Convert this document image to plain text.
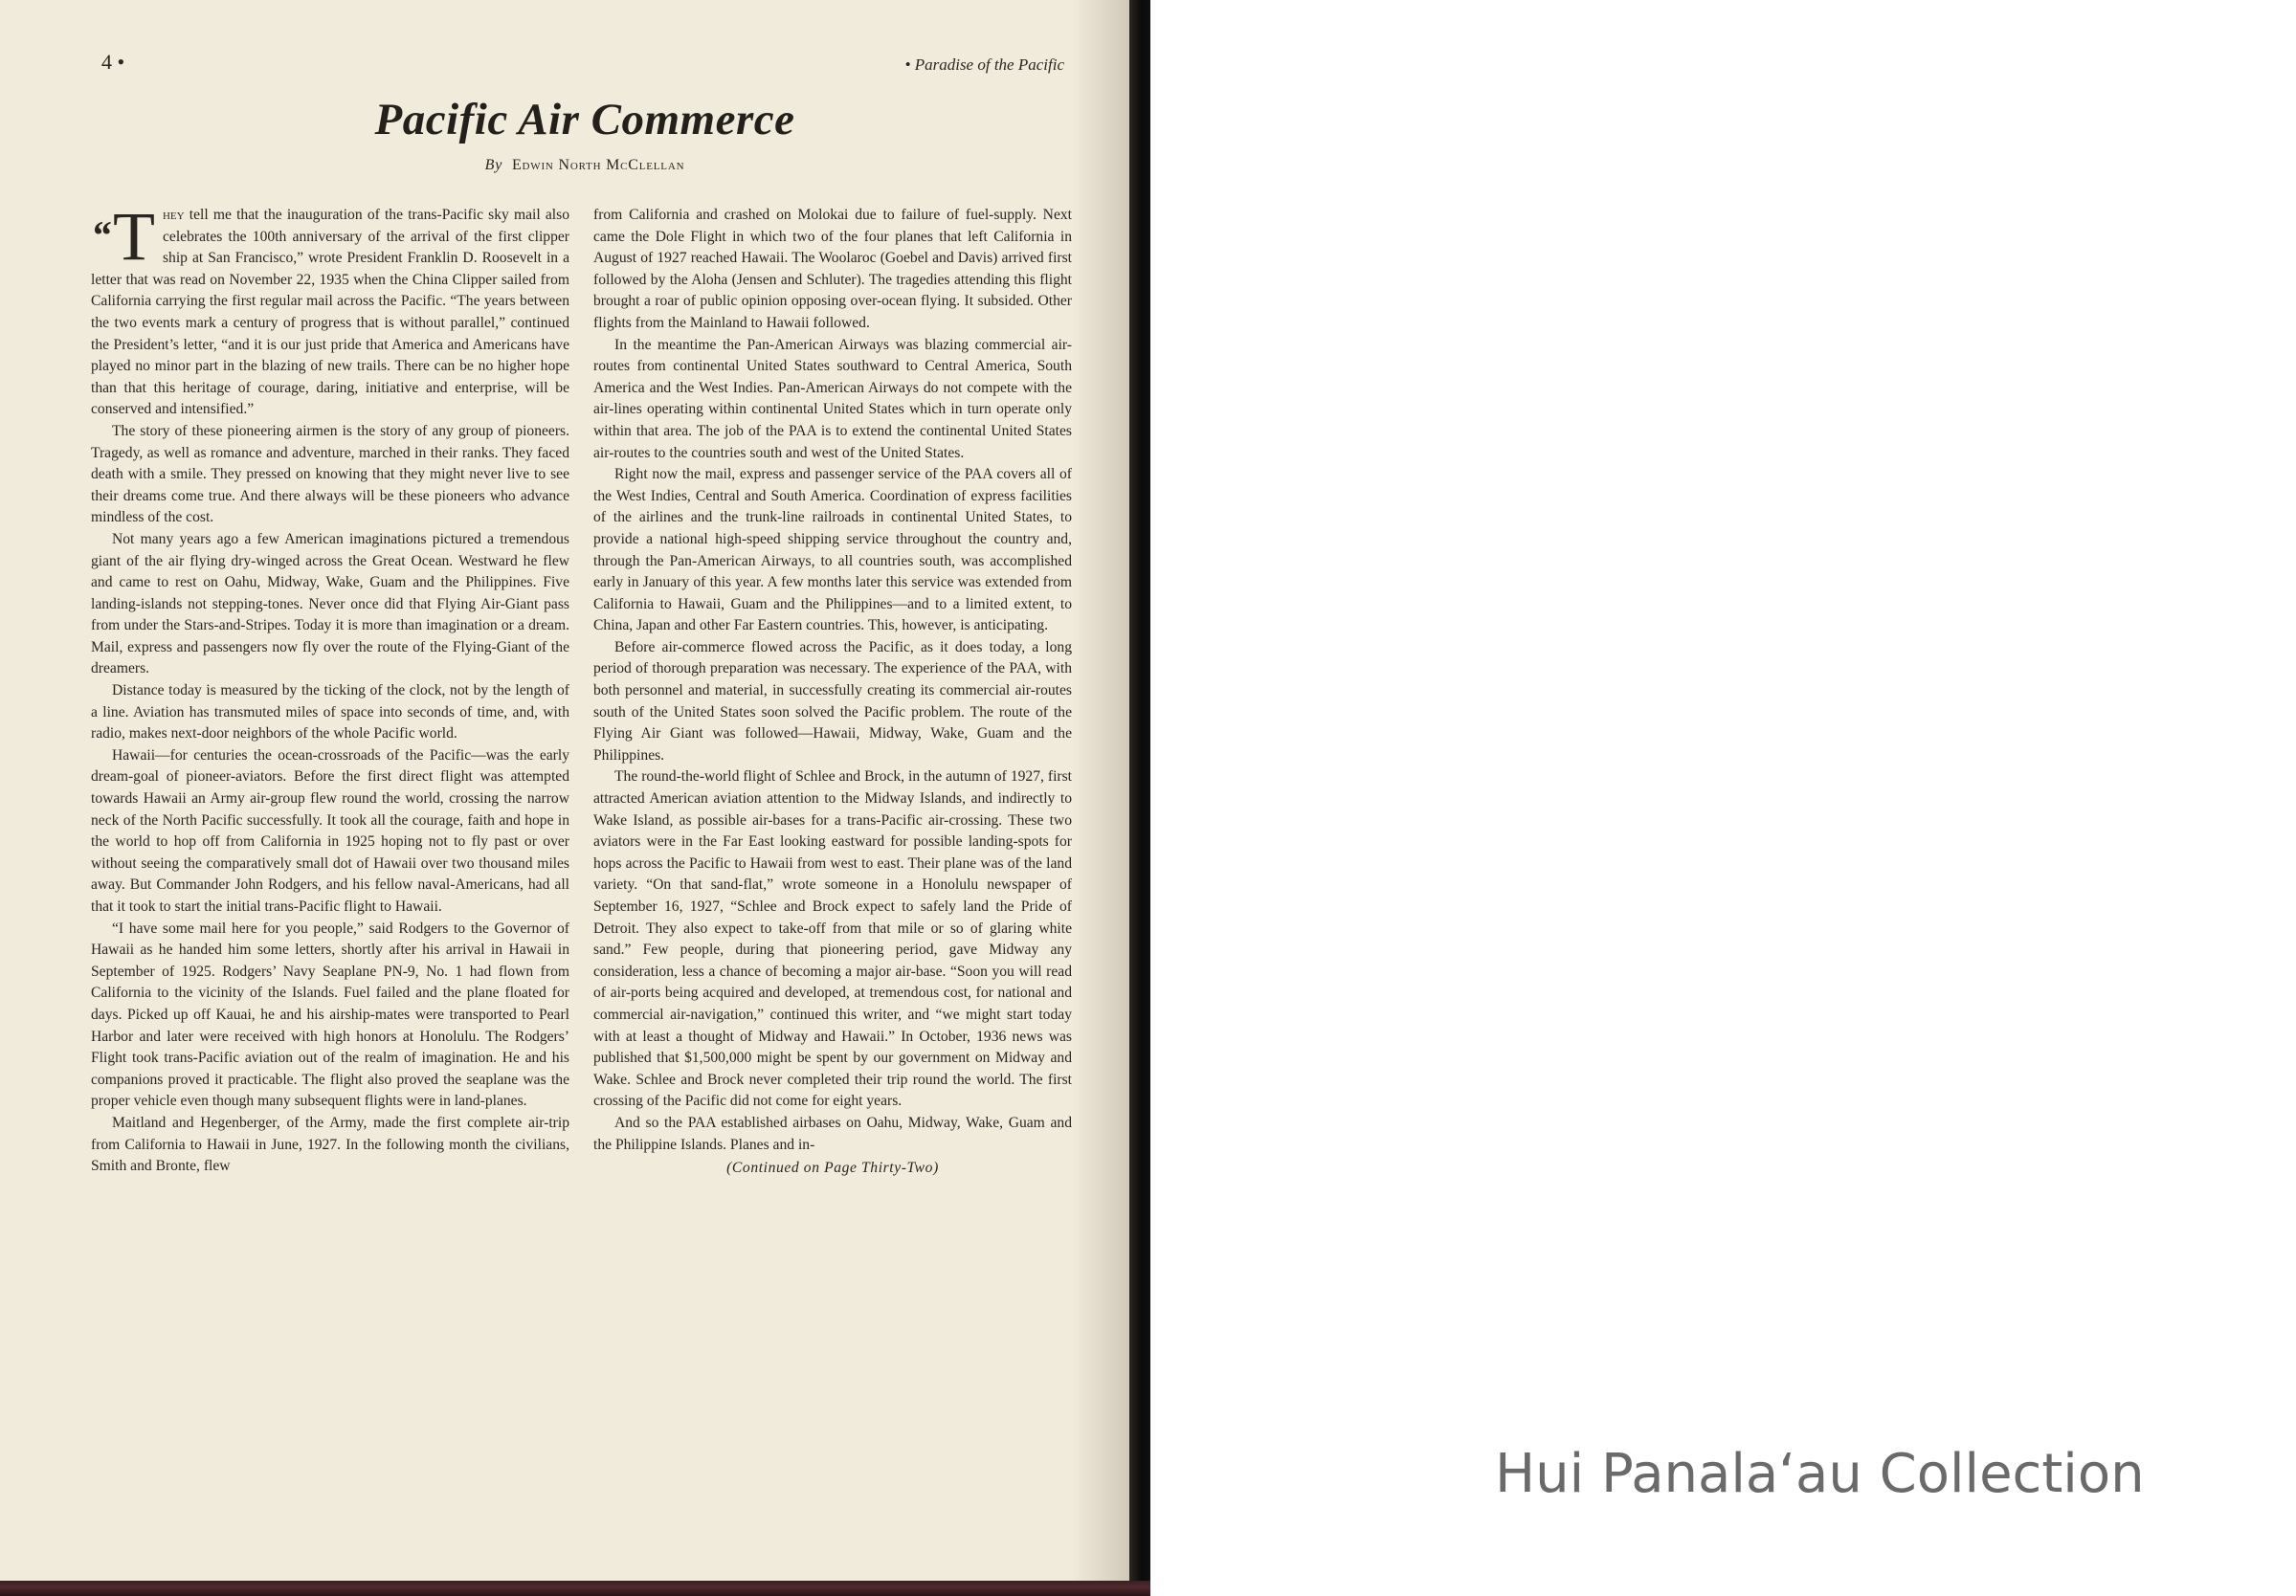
4 •	• Paradise of the Pacific
Pacific Air Commerce
By Edwin North McClellan

“T hey tell me that the inauguration of the trans-Pacific sky mail also celebrates the 100th anniversary of the arrival of the first clipper ship at San Francisco,” wrote President Franklin D. Roosevelt in a letter that was read on November 22, 1935 when the China Clipper sailed from California carrying the first regular mail across the Pacific. “The years between the two events mark a century of progress that is without parallel,” continued the President’s letter, “and it is our just pride that America and Americans have played no minor part in the blazing of new trails. There can be no higher hope than that this heritage of courage, daring, initiative and enterprise, will be conserved and intensified.”

The story of these pioneering airmen is the story of any group of pioneers. Tragedy, as well as romance and adventure, marched in their ranks. They faced death with a smile. They pressed on knowing that they might never live to see their dreams come true. And there always will be these pioneers who advance mindless of the cost.

Not many years ago a few American imaginations pictured a tremendous giant of the air flying dry-winged across the Great Ocean. Westward he flew and came to rest on Oahu, Midway, Wake, Guam and the Philippines. Five landing-islands not stepping-tones. Never once did that Flying Air-Giant pass from under the Stars-and-Stripes. Today it is more than imagination or a dream. Mail, express and passengers now fly over the route of the Flying-Giant of the dreamers.

Distance today is measured by the ticking of the clock, not by the length of a line. Aviation has transmuted miles of space into seconds of time, and, with radio, makes next-door neighbors of the whole Pacific world.

Hawaii—for centuries the ocean-crossroads of the Pacific—was the early dream-goal of pioneer-aviators. Before the first direct flight was attempted towards Hawaii an Army air-group flew round the world, crossing the narrow neck of the North Pacific successfully. It took all the courage, faith and hope in the world to hop off from California in 1925 hoping not to fly past or over without seeing the comparatively small dot of Hawaii over two thousand miles away. But Commander John Rodgers, and his fellow naval-Americans, had all that it took to start the initial trans-Pacific flight to Hawaii.

“I have some mail here for you people,” said Rodgers to the Governor of Hawaii as he handed him some letters, shortly after his arrival in Hawaii in September of 1925. Rodgers’ Navy Seaplane PN-9, No. 1 had flown from California to the vicinity of the Islands. Fuel failed and the plane floated for days. Picked up off Kauai, he and his airship-mates were transported to Pearl Harbor and later were received with high honors at Honolulu. The Rodgers’ Flight took trans-Pacific aviation out of the realm of imagination. He and his companions proved it practicable. The flight also proved the seaplane was the proper vehicle even though many subsequent flights were in land-planes.

Maitland and Hegenberger, of the Army, made the first complete air-trip from California to Hawaii in June, 1927. In the following month the civilians, Smith and Bronte, flew

from California and crashed on Molokai due to failure of fuel-supply. Next came the Dole Flight in which two of the four planes that left California in August of 1927 reached Hawaii. The Woolaroc (Goebel and Davis) arrived first followed by the Aloha (Jensen and Schluter). The tragedies attending this flight brought a roar of public opinion opposing over-ocean flying. It subsided. Other flights from the Mainland to Hawaii followed.

In the meantime the Pan-American Airways was blazing commercial air-routes from continental United States southward to Central America, South America and the West Indies. Pan-American Airways do not compete with the air-lines operating within continental United States which in turn operate only within that area. The job of the PAA is to extend the continental United States air-routes to the countries south and west of the United States.

Right now the mail, express and passenger service of the PAA covers all of the West Indies, Central and South America. Coordination of express facilities of the airlines and the trunk-line railroads in continental United States, to provide a national high-speed shipping service throughout the country and, through the Pan-American Airways, to all countries south, was accomplished early in January of this year. A few months later this service was extended from California to Hawaii, Guam and the Philippines—and to a limited extent, to China, Japan and other Far Eastern countries. This, however, is anticipating.

Before air-commerce flowed across the Pacific, as it does today, a long period of thorough preparation was necessary. The experience of the PAA, with both personnel and material, in successfully creating its commercial air-routes south of the United States soon solved the Pacific problem. The route of the Flying Air Giant was followed—Hawaii, Midway, Wake, Guam and the Philippines.

The round-the-world flight of Schlee and Brock, in the autumn of 1927, first attracted American aviation attention to the Midway Islands, and indirectly to Wake Island, as possible air-bases for a trans-Pacific air-crossing. These two aviators were in the Far East looking eastward for possible landing-spots for hops across the Pacific to Hawaii from west to east. Their plane was of the land variety. “On that sand-flat,” wrote someone in a Honolulu newspaper of September 16, 1927, “Schlee and Brock expect to safely land the Pride of Detroit. They also expect to take-off from that mile or so of glaring white sand.” Few people, during that pioneering period, gave Midway any consideration, less a chance of becoming a major air-base. “Soon you will read of air-ports being acquired and developed, at tremendous cost, for national and commercial air-navigation,” continued this writer, and “we might start today with at least a thought of Midway and Hawaii.” In October, 1936 news was published that $1,500,000 might be spent by our government on Midway and Wake. Schlee and Brock never completed their trip round the world. The first crossing of the Pacific did not come for eight years.

And so the PAA established airbases on Oahu, Midway, Wake, Guam and the Philippine Islands. Planes and in-

(Continued on Page Thirty-Two)
Hui Panala‘au Collection
